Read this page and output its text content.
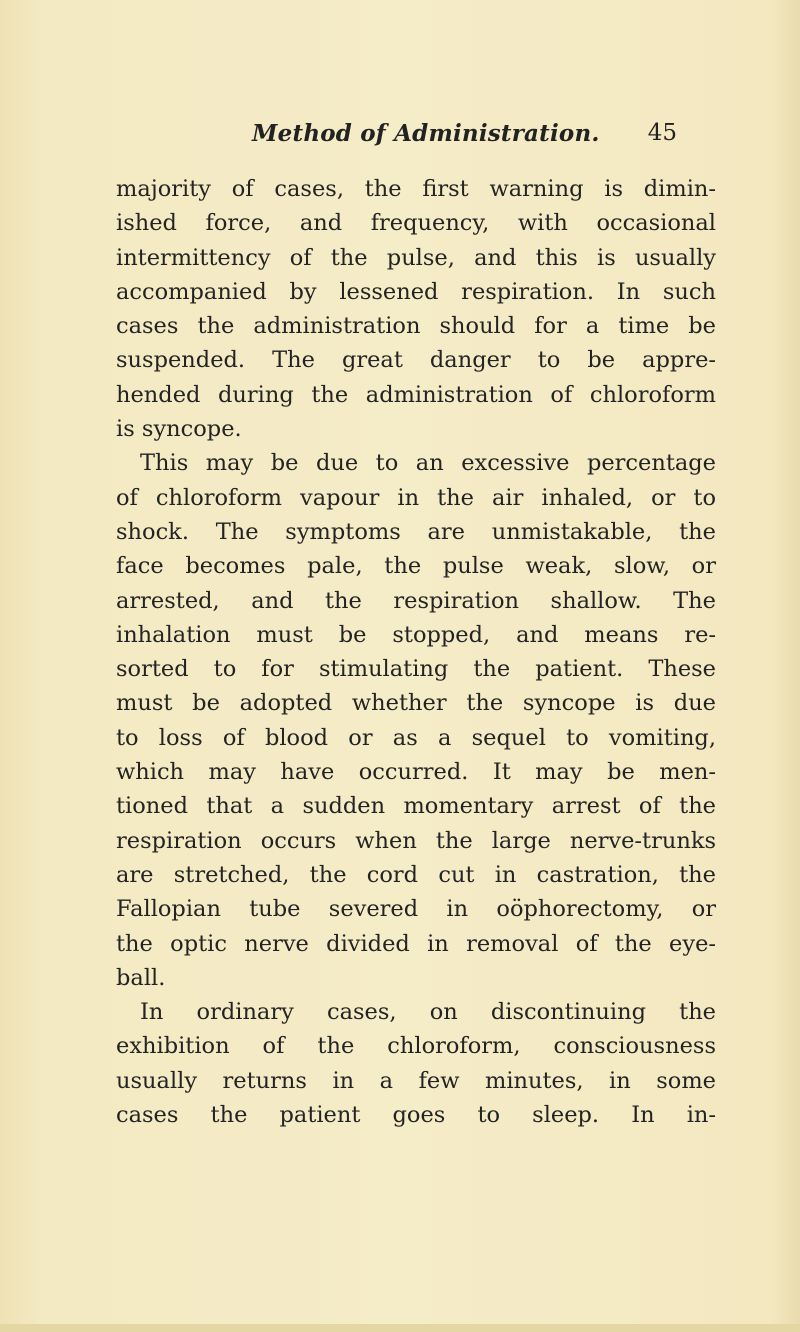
Method of Administration. 45
majority of cases, the first warning is dimin-
ished force, and frequency, with occasional
intermittency of the pulse, and this is usually
accompanied by lessened respiration. In such
cases the administration should for a time be
suspended. The great danger to be appre-
hended during the administration of chloroform
is syncope.
This may be due to an excessive percentage
of chloroform vapour in the air inhaled, or to
shock. The symptoms are unmistakable, the
face becomes pale, the pulse weak, slow, or
arrested, and the respiration shallow. The
inhalation must be stopped, and means re-
sorted to for stimulating the patient. These
must be adopted whether the syncope is due
to loss of blood or as a sequel to vomiting,
which may have occurred. It may be men-
tioned that a sudden momentary arrest of the
respiration occurs when the large nerve-trunks
are stretched, the cord cut in castration, the
Fallopian tube severed in oöphorectomy, or
the optic nerve divided in removal of the eye-
ball.
In ordinary cases, on discontinuing the
exhibition of the chloroform, consciousness
usually returns in a few minutes, in some
cases the patient goes to sleep. In in-
